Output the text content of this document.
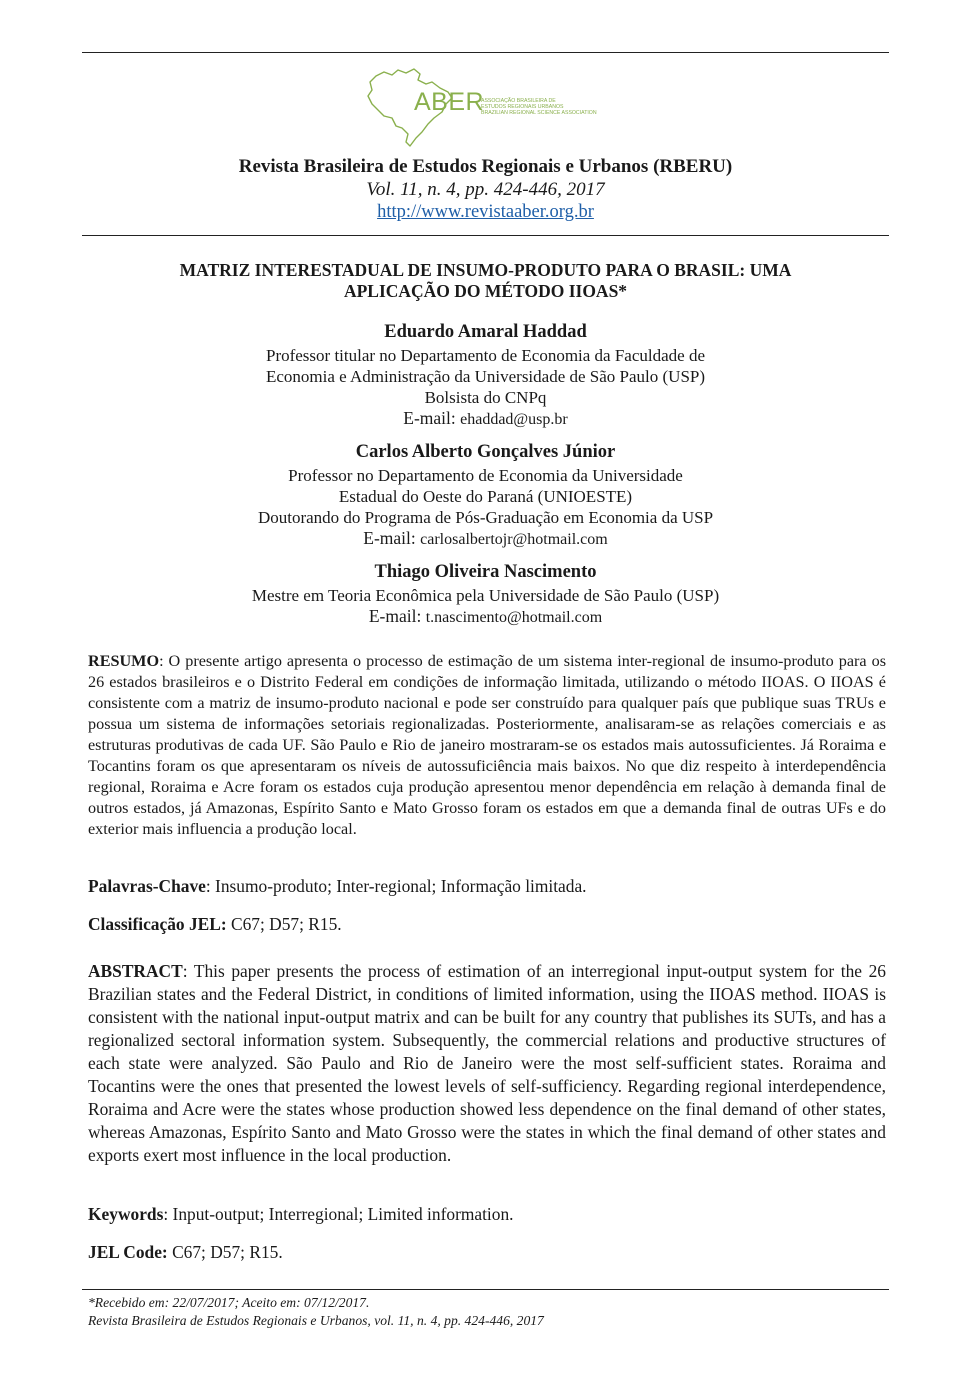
ABER
ASSOCIAÇÃO BRASILEIRA DE
ESTUDOS REGIONAIS URBANOS
BRAZILIAN REGIONAL SCIENCE ASSOCIATION
Revista Brasileira de Estudos Regionais e Urbanos (RBERU)
Vol. 11, n. 4, pp. 424-446, 2017
http://www.revistaaber.org.br
MATRIZ INTERESTADUAL DE INSUMO-PRODUTO PARA O BRASIL: UMA
APLICAÇÃO DO MÉTODO IIOAS*
Eduardo Amaral Haddad
Professor titular no Departamento de Economia da Faculdade de
Economia e Administração da Universidade de São Paulo (USP)
Bolsista do CNPq
E-mail: ehaddad@usp.br
Carlos Alberto Gonçalves Júnior
Professor no Departamento de Economia da Universidade
Estadual do Oeste do Paraná (UNIOESTE)
Doutorando do Programa de Pós-Graduação em Economia da USP
E-mail: carlosalbertojr@hotmail.com
Thiago Oliveira Nascimento
Mestre em Teoria Econômica pela Universidade de São Paulo (USP)
E-mail: t.nascimento@hotmail.com
RESUMO: O presente artigo apresenta o processo de estimação de um sistema inter-regional de insumo-produto para os 26 estados brasileiros e o Distrito Federal em condições de informação limitada, utilizando o método IIOAS. O IIOAS é consistente com a matriz de insumo-produto nacional e pode ser construído para qualquer país que publique suas TRUs e possua um sistema de informações setoriais regionalizadas. Posteriormente, analisaram-se as relações comerciais e as estruturas produtivas de cada UF. São Paulo e Rio de janeiro mostraram-se os estados mais autossuficientes. Já Roraima e Tocantins foram os que apresentaram os níveis de autossuficiência mais baixos. No que diz respeito à interdependência regional, Roraima e Acre foram os estados cuja produção apresentou menor dependência em relação à demanda final de outros estados, já Amazonas, Espírito Santo e Mato Grosso foram os estados em que a demanda final de outras UFs e do exterior mais influencia a produção local.
Palavras-Chave: Insumo-produto; Inter-regional; Informação limitada.
Classificação JEL: C67; D57; R15.
ABSTRACT: This paper presents the process of estimation of an interregional input-output system for the 26 Brazilian states and the Federal District, in conditions of limited information, using the IIOAS method. IIOAS is consistent with the national input-output matrix and can be built for any country that publishes its SUTs, and has a regionalized sectoral information system. Subsequently, the commercial relations and productive structures of each state were analyzed. São Paulo and Rio de Janeiro were the most self-sufficient states. Roraima and Tocantins were the ones that presented the lowest levels of self-sufficiency. Regarding regional interdependence, Roraima and Acre were the states whose production showed less dependence on the final demand of other states, whereas Amazonas, Espírito Santo and Mato Grosso were the states in which the final demand of other states and exports exert most influence in the local production.
Keywords: Input-output; Interregional; Limited information.
JEL Code: C67; D57; R15.
*Recebido em: 22/07/2017; Aceito em: 07/12/2017.
Revista Brasileira de Estudos Regionais e Urbanos, vol. 11, n. 4, pp. 424-446, 2017
